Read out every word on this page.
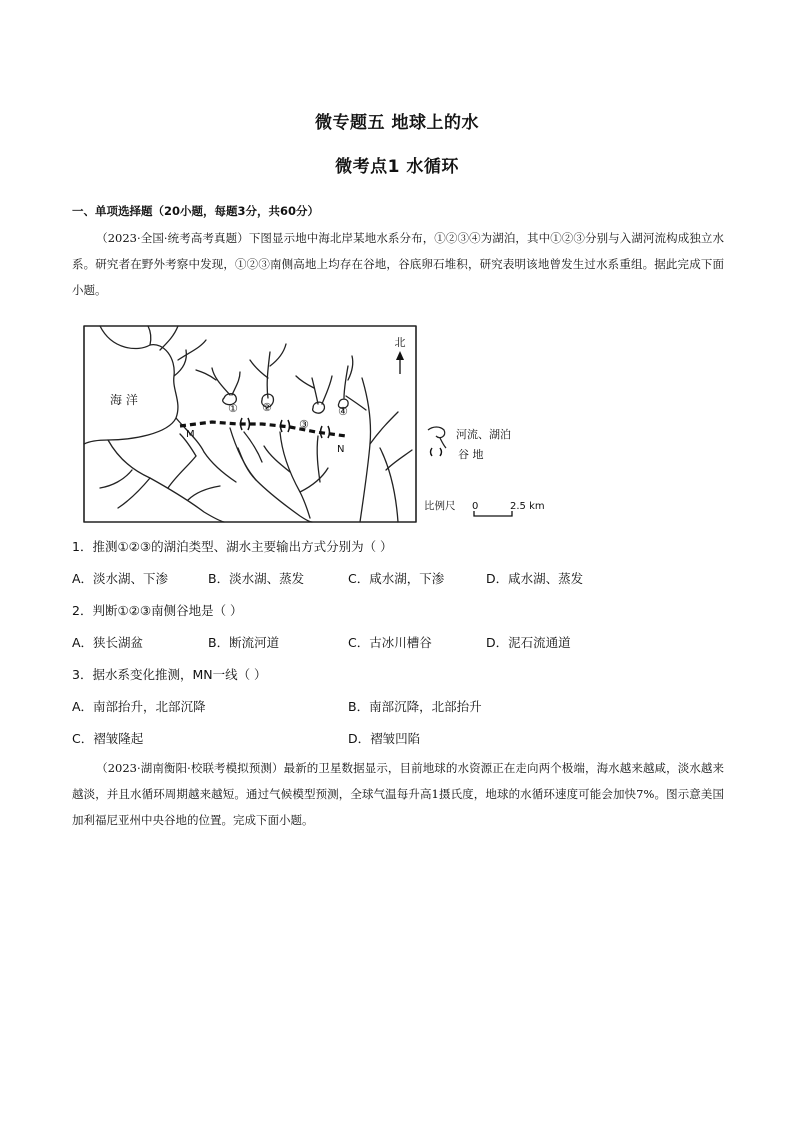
微专题五 地球上的水
微考点1 水循环
一、单项选择题（20小题，每题3分，共60分）
（2023·全国·统考高考真题）下图显示地中海北岸某地水系分布，①②③④为湖泊，其中①②③分别与入湖河流构成独立水系。研究者在野外考察中发现，①②③南侧高地上均存在谷地，谷底卵石堆积，研究表明该地曾发生过水系重组。据此完成下面小题。
北
海 洋
① ②
③
④
M
N
河流、湖泊
谷 地
比例尺 0	2.5 km
1．推测①②③的湖泊类型、湖水主要输出方式分别为（ ）
A．淡水湖、下渗	B．淡水湖、蒸发	C．咸水湖，下渗	D．咸水湖、蒸发
2．判断①②③南侧谷地是（ ）
A．狭长湖盆	B．断流河道	C．古冰川槽谷	D．泥石流通道
3．据水系变化推测，MN一线（ ）
A．南部抬升，北部沉降	B．南部沉降，北部抬升
C．褶皱隆起	D．褶皱凹陷
（2023·湖南衡阳·校联考模拟预测）最新的卫星数据显示，目前地球的水资源正在走向两个极端，海水越来越咸，淡水越来越淡，并且水循环周期越来越短。通过气候模型预测，全球气温每升高1摄氏度，地球的水循环速度可能会加快7%。图示意美国加利福尼亚州中央谷地的位置。完成下面小题。
